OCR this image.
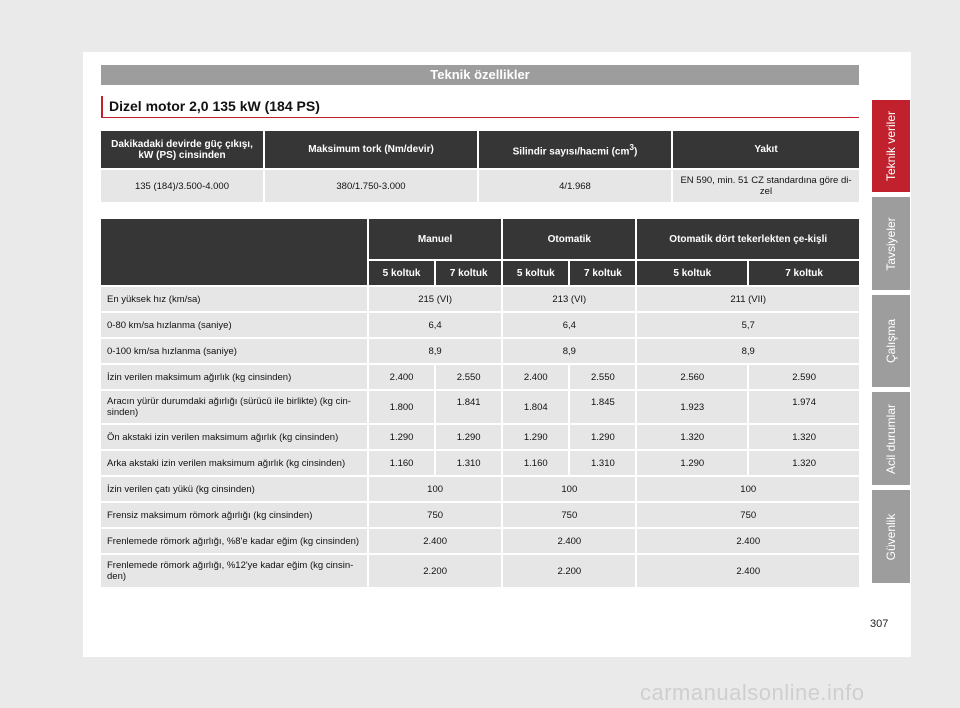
Teknik özellikler
Dizel motor 2,0 135 kW (184 PS)
Dakikadaki devirde güç çıkışı, kW (PS) cinsinden	Maksimum tork (Nm/devir)	Silindir sayısı/hacmi $(cm^3)$	Yakıt
135 (184)/3.500-4.000	380/1.750-3.000	4/1.968	EN 590, min. 51 CZ standardına göre di-zel
	Manuel		Otomatik		Otomatik dört tekerlekten çe-kişli	
	5 koltuk	7 koltuk	5 koltuk	7 koltuk	5 koltuk	7 koltuk
En yüksek hız (km/sa)	215 (VI)		213 (VI)		211 (VII)	
0-80 km/sa hızlanma (saniye)	6,4		6,4		5,7	
0-100 km/sa hızlanma (saniye)	8,9		8,9		8,9	
İzin verilen maksimum ağırlık (kg cinsinden)	2.400	2.550	2.400	2.550	2.560	2.590
Aracın yürür durumdaki ağırlığı (sürücü ile birlikte) (kg cin-sinden)	1.800	1.841	1.804	1.845	1.923	1.974

Ön akstaki izin verilen maksimum ağırlık (kg cinsinden)	1.290	1.290	1.290	1.290	1.320	1.320
Arka akstaki izin verilen maksimum ağırlık (kg cinsinden)	1.160	1.310	1.160	1.310	1.290	1.320
İzin verilen çatı yükü (kg cinsinden)	100		100		100	
Frensiz maksimum römork ağırlığı (kg cinsinden)	750		750		750	
Frenlemede römork ağırlığı, %8'e kadar eğim (kg cinsinden)	2.400		2.400		2.400	
Frenlemede römork ağırlığı, %12'ye kadar eğim (kg cinsin-den)	2.200		2.200		2.400	
Teknik veriler
Tavsiyeler
Çalışma
Acil durumlar
Güvenlik
307
carmanualsonline.info
